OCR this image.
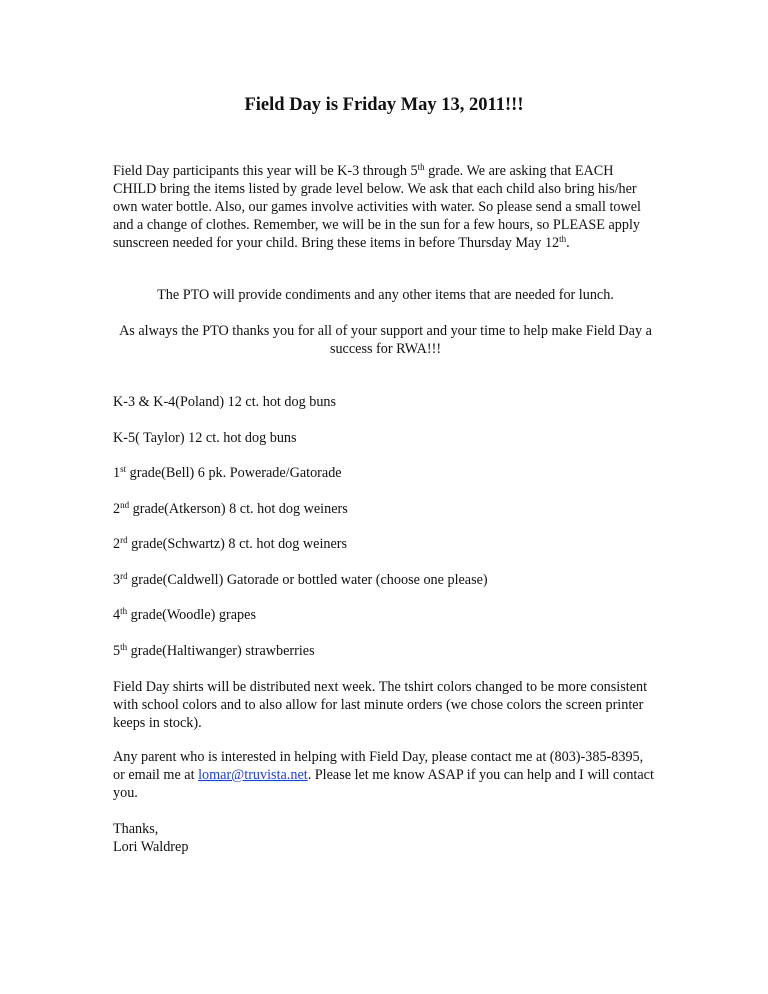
Field Day is Friday May 13, 2011!!!

Field Day participants this year will be K-3 through 5th grade. We are asking that EACH CHILD bring the items listed by grade level below. We ask that each child also bring his/her own water bottle. Also, our games involve activities with water. So please send a small towel and a change of clothes. Remember, we will be in the sun for a few hours, so PLEASE apply sunscreen needed for your child. Bring these items in before Thursday May 12th.

The PTO will provide condiments and any other items that are needed for lunch.

As always the PTO thanks you for all of your support and your time to help make Field Day a success for RWA!!!

K-3 & K-4(Poland) 12 ct. hot dog buns
K-5( Taylor) 12 ct. hot dog buns
1st grade(Bell) 6 pk. Powerade/Gatorade
2nd grade(Atkerson) 8 ct. hot dog weiners
2rd grade(Schwartz) 8 ct. hot dog weiners
3rd grade(Caldwell) Gatorade or bottled water (choose one please)
4th grade(Woodle) grapes
5th grade(Haltiwanger) strawberries

Field Day shirts will be distributed next week. The tshirt colors changed to be more consistent with school colors and to also allow for last minute orders (we chose colors the screen printer keeps in stock).

Any parent who is interested in helping with Field Day, please contact me at (803)-385-8395, or email me at lomar@truvista.net. Please let me know ASAP if you can help and I will contact you.

Thanks,
Lori Waldrep
